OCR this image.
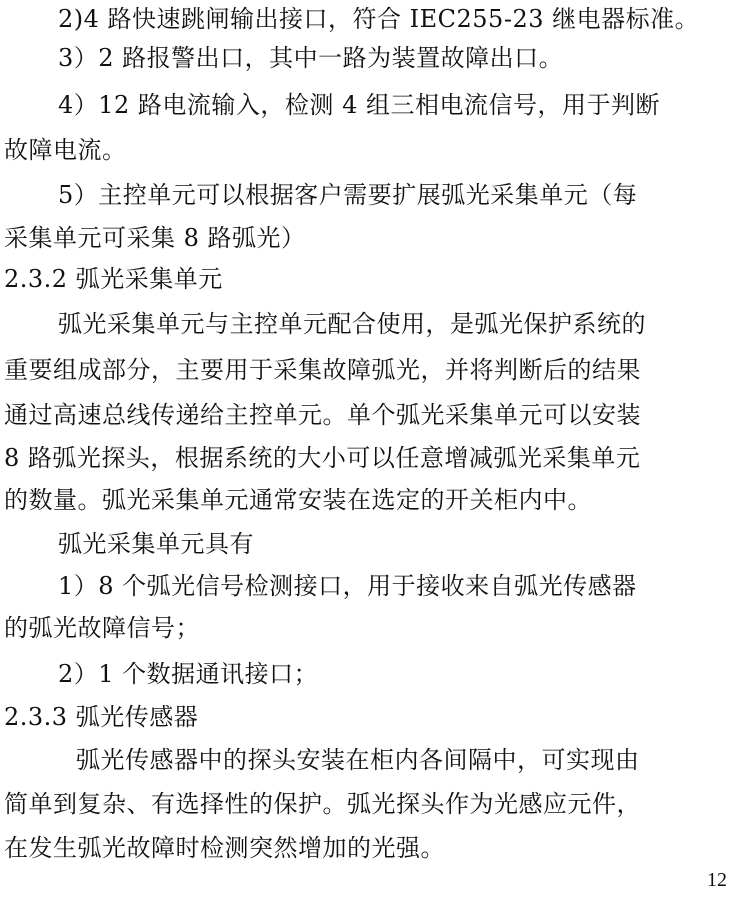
2)4 路快速跳闸输出接口，符合 IEC255-23 继电器标准。
3）2 路报警出口，其中一路为装置故障出口。
4）12 路电流输入，检测 4 组三相电流信号，用于判断
故障电流。
5）主控单元可以根据客户需要扩展弧光采集单元（每
采集单元可采集 8 路弧光）
2.3.2 弧光采集单元
弧光采集单元与主控单元配合使用，是弧光保护系统的
重要组成部分，主要用于采集故障弧光，并将判断后的结果
通过高速总线传递给主控单元。单个弧光采集单元可以安装
8 路弧光探头，根据系统的大小可以任意增减弧光采集单元
的数量。弧光采集单元通常安装在选定的开关柜内中。
弧光采集单元具有
1）8 个弧光信号检测接口，用于接收来自弧光传感器
的弧光故障信号；
2）1 个数据通讯接口；
2.3.3 弧光传感器
弧光传感器中的探头安装在柜内各间隔中，可实现由
简单到复杂、有选择性的保护。弧光探头作为光感应元件，
在发生弧光故障时检测突然增加的光强。
12
